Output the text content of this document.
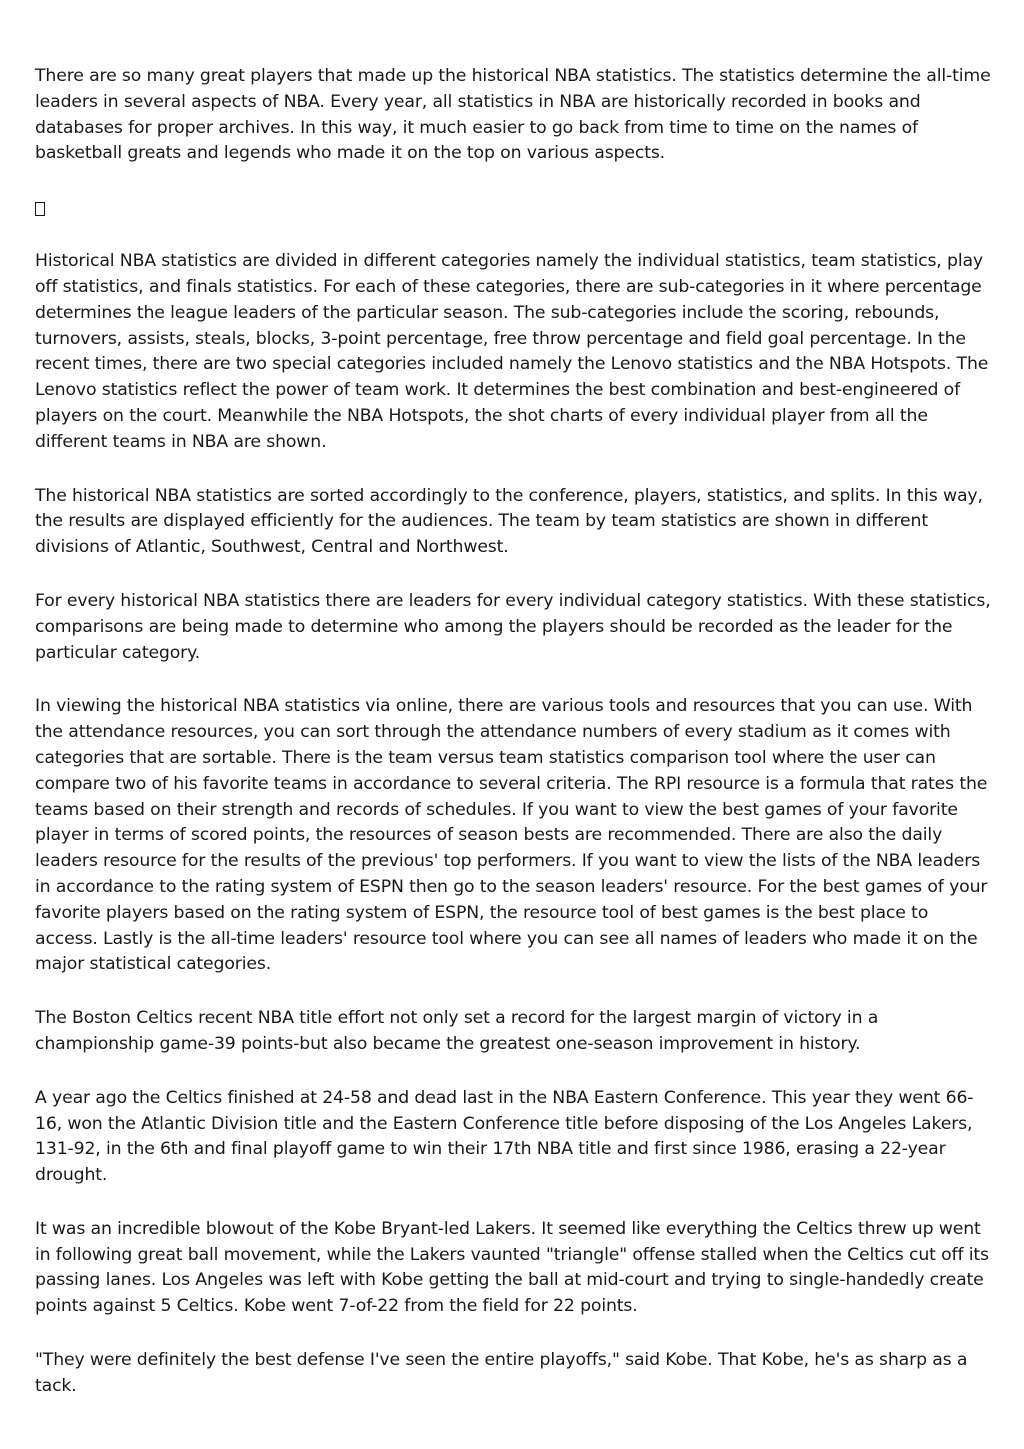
There are so many great players that made up the historical NBA statistics. The statistics determine the all-time leaders in several aspects of NBA. Every year, all statistics in NBA are historically recorded in books and databases for proper archives. In this way, it much easier to go back from time to time on the names of basketball greats and legends who made it on the top on various aspects.

Historical NBA statistics are divided in different categories namely the individual statistics, team statistics, play off statistics, and finals statistics. For each of these categories, there are sub-categories in it where percentage determines the league leaders of the particular season. The sub-categories include the scoring, rebounds, turnovers, assists, steals, blocks, 3-point percentage, free throw percentage and field goal percentage. In the recent times, there are two special categories included namely the Lenovo statistics and the NBA Hotspots. The Lenovo statistics reflect the power of team work. It determines the best combination and best-engineered of players on the court. Meanwhile the NBA Hotspots, the shot charts of every individual player from all the different teams in NBA are shown.

The historical NBA statistics are sorted accordingly to the conference, players, statistics, and splits. In this way, the results are displayed efficiently for the audiences. The team by team statistics are shown in different divisions of Atlantic, Southwest, Central and Northwest.

For every historical NBA statistics there are leaders for every individual category statistics. With these statistics, comparisons are being made to determine who among the players should be recorded as the leader for the particular category.

In viewing the historical NBA statistics via online, there are various tools and resources that you can use. With the attendance resources, you can sort through the attendance numbers of every stadium as it comes with categories that are sortable. There is the team versus team statistics comparison tool where the user can compare two of his favorite teams in accordance to several criteria. The RPI resource is a formula that rates the teams based on their strength and records of schedules. If you want to view the best games of your favorite player in terms of scored points, the resources of season bests are recommended. There are also the daily leaders resource for the results of the previous' top performers. If you want to view the lists of the NBA leaders in accordance to the rating system of ESPN then go to the season leaders' resource. For the best games of your favorite players based on the rating system of ESPN, the resource tool of best games is the best place to access. Lastly is the all-time leaders' resource tool where you can see all names of leaders who made it on the major statistical categories.

The Boston Celtics recent NBA title effort not only set a record for the largest margin of victory in a championship game-39 points-but also became the greatest one-season improvement in history.

A year ago the Celtics finished at 24-58 and dead last in the NBA Eastern Conference. This year they went 66-16, won the Atlantic Division title and the Eastern Conference title before disposing of the Los Angeles Lakers, 131-92, in the 6th and final playoff game to win their 17th NBA title and first since 1986, erasing a 22-year drought.

It was an incredible blowout of the Kobe Bryant-led Lakers. It seemed like everything the Celtics threw up went in following great ball movement, while the Lakers vaunted "triangle" offense stalled when the Celtics cut off its passing lanes. Los Angeles was left with Kobe getting the ball at mid-court and trying to single-handedly create points against 5 Celtics. Kobe went 7-of-22 from the field for 22 points.

"They were definitely the best defense I've seen the entire playoffs," said Kobe. That Kobe, he's as sharp as a tack.
